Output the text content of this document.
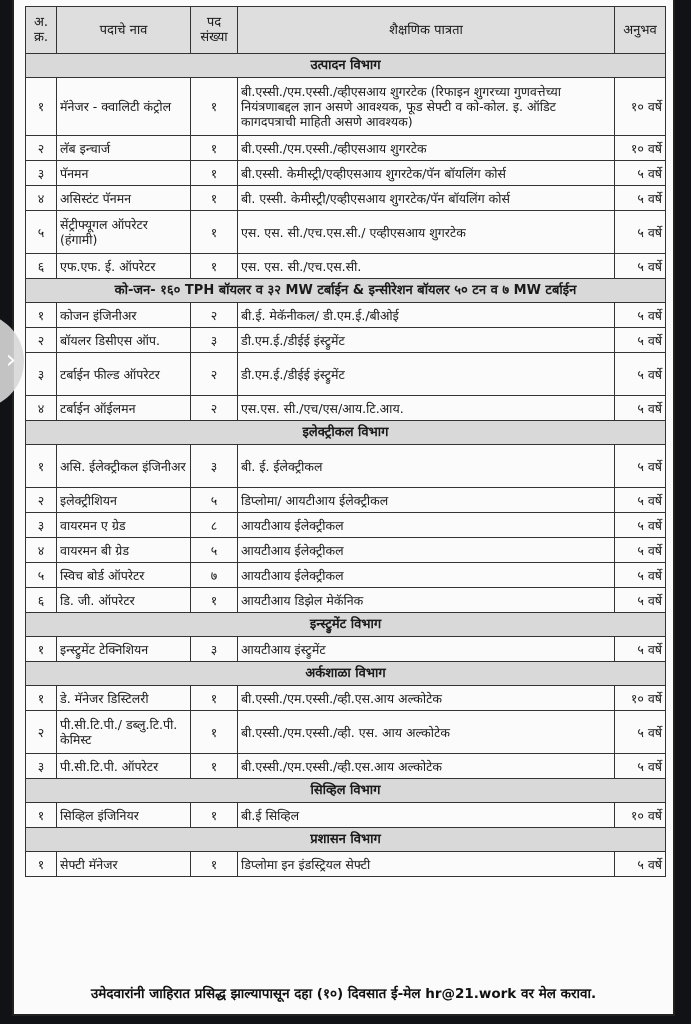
अ. क्र.	पदाचे नाव	पद संख्या	शैक्षणिक पात्रता	अनुभव
उत्पादन विभाग				
१	मॅनेजर - क्वालिटी कंट्रोल	१	बी.एस्सी./एम.एस्सी./व्हीएसआय शुगरटेक (रिफाइन शुगरच्या गुणवत्तेच्या नियंत्रणाबद्दल ज्ञान असणे आवश्यक, फूड सेफ्टी व को-कोल. इ. ऑडिट कागदपत्राची माहिती असणे आवश्यक)	१० वर्षे
२	लॅब इन्चार्ज	१	बी.एस्सी./एम.एस्सी./व्हीएसआय शुगरटेक	१० वर्षे
३	पॅनमन	१	बी.एस्सी. केमीस्ट्री/एव्हीएसआय शुगरटेक/पॅन बॉयलिंग कोर्स	५ वर्षे
४	असिस्टंट पॅनमन	१	बी. एस्सी. केमीस्ट्री/एव्हीएसआय शुगरटेक/पॅन बॉयलिंग कोर्स	५ वर्षे
५	सेंट्रीफ्यूगल ऑपरेटर (हंगामी)	१	एस. एस. सी./एच.एस.सी./ एव्हीएसआय शुगरटेक	५ वर्षे
६	एफ.एफ. ई. ऑपरेटर	१	एस. एस. सी./एच.एस.सी.	५ वर्षे
को-जन- १६० TPH बॉयलर व ३२ MW टर्बाईन & इन्सीरेशन बॉयलर ५० टन व ७ MW टर्बाईन				
१	कोजन इंजिनीअर	२	बी.ई. मेकॅनीकल/ डी.एम.ई./बीओई	५ वर्षे
२	बॉयलर डिसीएस ऑप.	३	डी.एम.ई./डीईई इंस्ट्रुमेंट	५ वर्षे
३	टर्बाईन फील्ड ऑपरेटर	२	डी.एम.ई./डीईई इंस्ट्रुमेंट	५ वर्षे
४	टर्बाईन ऑईलमन	२	एस.एस. सी./एच/एस/आय.टि.आय.	५ वर्षे
इलेक्ट्रीकल विभाग				
१	असि. ईलेक्ट्रीकल इंजिनीअर	३	बी. ई. ईलेक्ट्रीकल	५ वर्षे
२	इलेक्ट्रीशियन	५	डिप्लोमा/ आयटीआय ईलेक्ट्रीकल	५ वर्षे
३	वायरमन ए ग्रेड	८	आयटीआय ईलेक्ट्रीकल	५ वर्षे
४	वायरमन बी ग्रेड	५	आयटीआय ईलेक्ट्रीकल	५ वर्षे
५	स्विच बोर्ड ऑपरेटर	७	आयटीआय ईलेक्ट्रीकल	५ वर्षे
६	डि. जी. ऑपरेटर	१	आयटीआय डिझेल मेकॅनिक	५ वर्षे
इन्स्ट्रुमेंट विभाग				
१	इन्स्ट्रुमेंट टेक्निशियन	३	आयटीआय इंस्ट्रुमेंट	५ वर्षे
अर्कशाळा विभाग				
१	डे. मॅनेजर डिस्टिलरी	१	बी.एस्सी./एम.एस्सी./व्ही.एस.आय अल्कोटेक	१० वर्षे
२	पी.सी.टि.पी./ डब्लु.टि.पी. केमिस्ट	१	बी.एस्सी./एम.एस्सी./व्ही. एस. आय अल्कोटेक	५ वर्षे
३	पी.सी.टि.पी. ऑपरेटर	१	बी.एस्सी./एम.एस्सी./व्ही.एस.आय अल्कोटेक	५ वर्षे
सिव्हिल विभाग				
१	सिव्हिल इंजिनियर	१	बी.ई सिव्हिल	१० वर्षे
प्रशासन विभाग				
१	सेफ्टी मॅनेजर	१	डिप्लोमा इन इंडस्ट्रियल सेफ्टी	५ वर्षे
उमेदवारांनी जाहिरात प्रसिद्ध झाल्यापासून दहा (१०) दिवसात ई-मेल hr@21.work वर मेल करावा.
›
